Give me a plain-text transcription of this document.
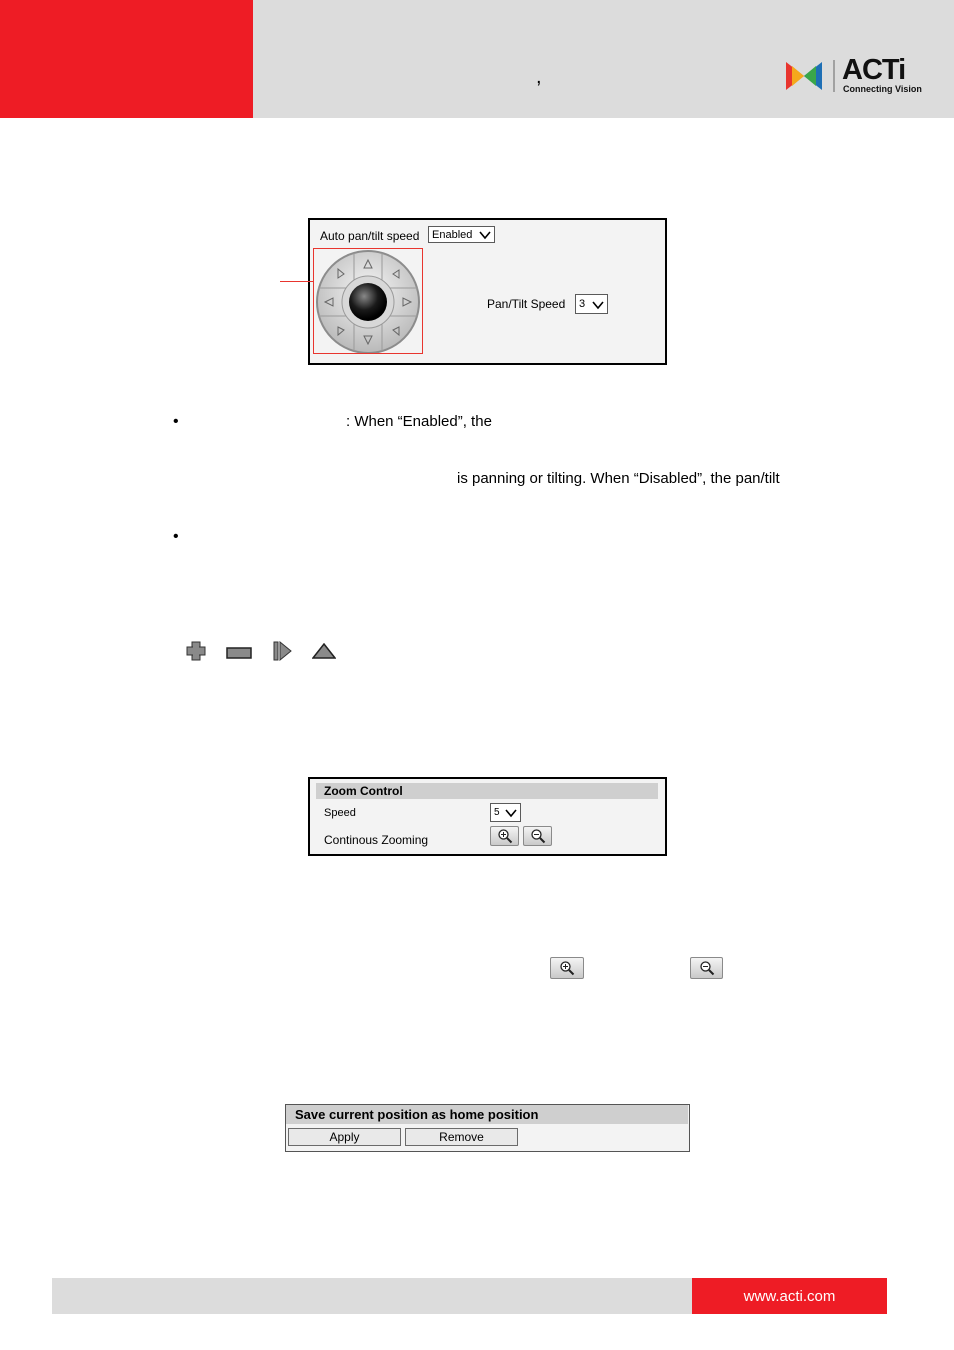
,	ACTi
Connecting Vision
Auto pan/tilt speed Enabled
Pan/Tilt Speed 3
•	: When “Enabled”, the
is panning or tilting. When “Disabled”, the pan/tilt
•
Zoom Control
Speed	5
Continous Zooming
Save current position as home position
Apply	Remove
www.acti.com
